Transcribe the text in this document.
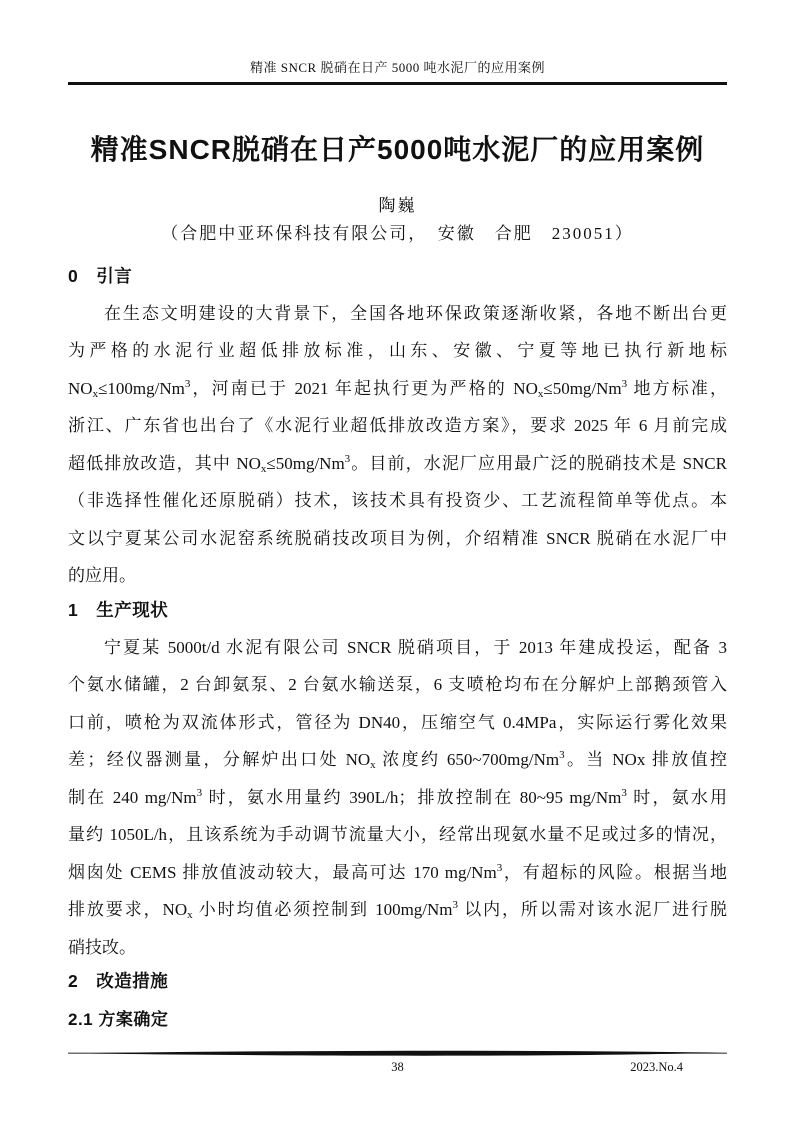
精准 SNCR 脱硝在日产 5000 吨水泥厂的应用案例
精准SNCR脱硝在日产5000吨水泥厂的应用案例
陶巍
（合肥中亚环保科技有限公司，　安徽　合肥　230051）
0　引言
在生态文明建设的大背景下，全国各地环保政策逐渐收紧，各地不断出台更
为严格的水泥行业超低排放标准，山东、安徽、宁夏等地已执行新地标
$NOx\le 100mg/Nm^3$，河南已于 2021 年起执行更为严格的 $NOx\le 50mg/Nm^3$ 地方标准，
浙江、广东省也出台了《水泥行业超低排放改造方案》，要求 2025 年 6 月前完成
超低排放改造，其中 $NOx\le 50mg/Nm^3$。目前，水泥厂应用最广泛的脱硝技术是 SNCR
（非选择性催化还原脱硝）技术，该技术具有投资少、工艺流程简单等优点。本
文以宁夏某公司水泥窑系统脱硝技改项目为例，介绍精准 SNCR 脱硝在水泥厂中
的应用。
1　生产现状
宁夏某 5000t/d 水泥有限公司 SNCR 脱硝项目，于 2013 年建成投运，配备 3
个氨水储罐，2 台卸氨泵、2 台氨水输送泵，6 支喷枪均布在分解炉上部鹅颈管入
口前，喷枪为双流体形式，管径为 DN40，压缩空气 0.4MPa，实际运行雾化效果
差；经仪器测量，分解炉出口处 NOx 浓度约 650~700mg/Nm$^3$。当 NOx 排放值控
制在 240 mg/Nm$^3$ 时，氨水用量约 390L/h；排放控制在 80~95 mg/Nm$^3$ 时，氨水用
量约 1050L/h，且该系统为手动调节流量大小，经常出现氨水量不足或过多的情况，
烟囱处 CEMS 排放值波动较大，最高可达 170 mg/Nm$^3$，有超标的风险。根据当地
排放要求，NOx 小时均值必须控制到 100mg/Nm$^3$ 以内，所以需对该水泥厂进行脱
硝技改。
2　改造措施
2.1 方案确定
38	2023.No.4
